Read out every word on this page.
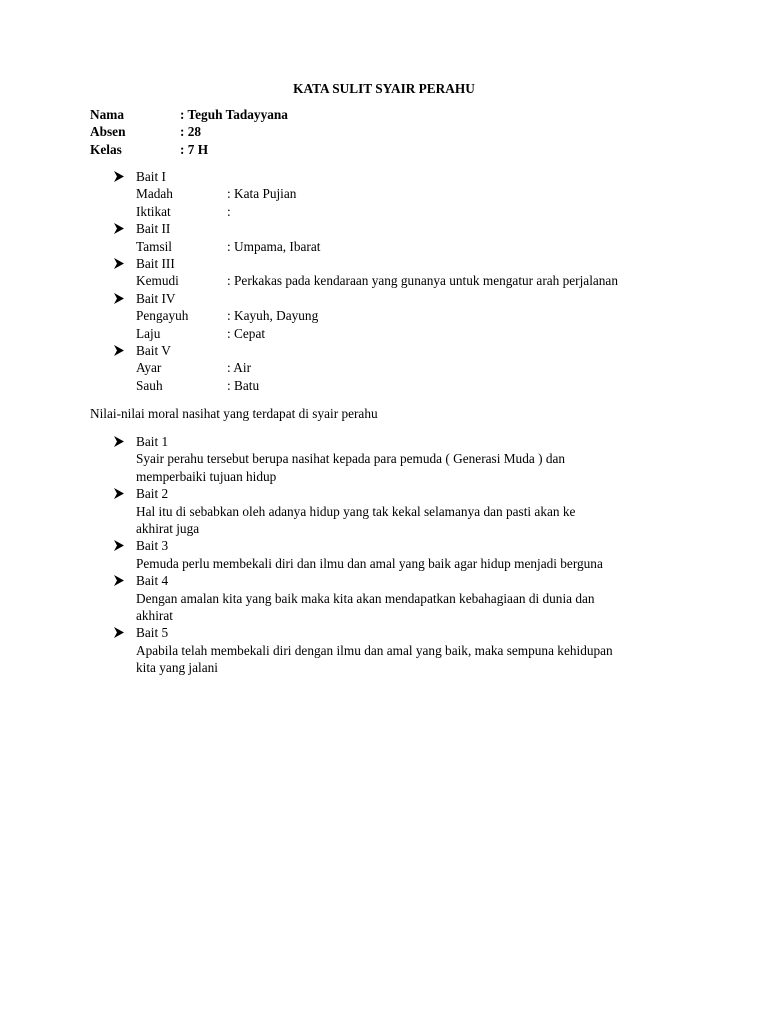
KATA SULIT SYAIR PERAHU
Nama	: Teguh Tadayyana
Absen	: 28
Kelas	: 7 H
Bait I
Madah	: Kata Pujian
Iktikat	:
Bait II
Tamsil	: Umpama, Ibarat
Bait III
Kemudi	: Perkakas pada kendaraan yang gunanya untuk mengatur arah perjalanan
Bait IV
Pengayuh	: Kayuh, Dayung
Laju	: Cepat
Bait V
Ayar	: Air
Sauh	: Batu
Nilai-nilai moral nasihat yang terdapat di syair perahu
Bait 1
Syair perahu tersebut berupa nasihat kepada para pemuda ( Generasi Muda ) dan
memperbaiki tujuan hidup
Bait 2
Hal itu di sebabkan oleh adanya hidup yang tak kekal selamanya dan pasti akan ke
akhirat juga
Bait 3
Pemuda perlu membekali diri dan ilmu dan amal yang baik agar hidup menjadi berguna
Bait 4
Dengan amalan kita yang baik maka kita akan mendapatkan kebahagiaan di dunia dan
akhirat
Bait 5
Apabila telah membekali diri dengan ilmu dan amal yang baik, maka sempuna kehidupan
kita yang jalani
